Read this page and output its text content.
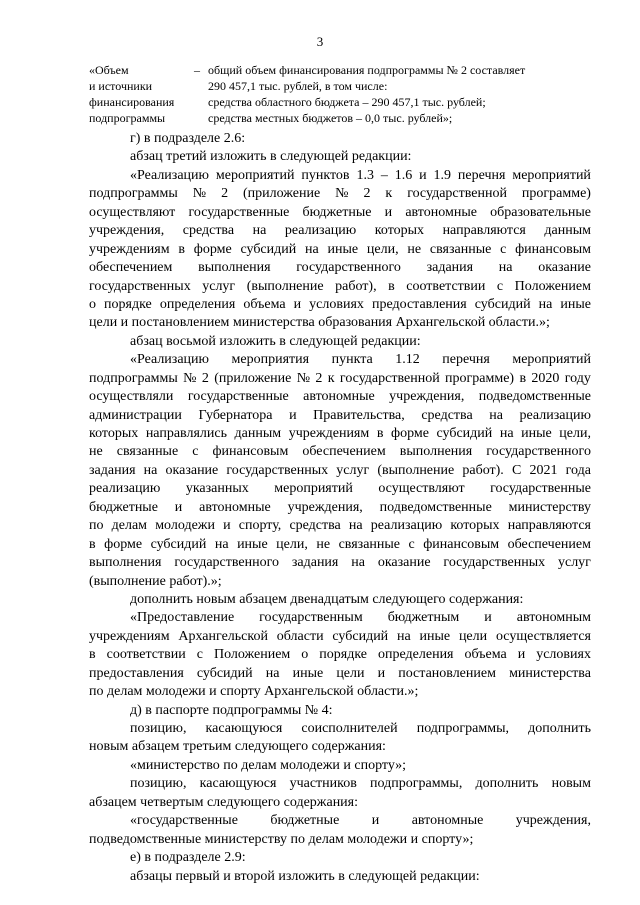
3
«Объем	– общий объем финансирования подпрограммы № 2 составляет
и источники	290 457,1 тыс. рублей, в том числе:
финансирования	средства областного бюджета – 290 457,1 тыс. рублей;
подпрограммы	средства местных бюджетов – 0,0 тыс. рублей»;
г) в подразделе 2.6:
абзац третий изложить в следующей редакции:
«Реализацию мероприятий пунктов 1.3 – 1.6 и 1.9 перечня мероприятий
подпрограммы № 2 (приложение № 2 к государственной программе)
осуществляют государственные бюджетные и автономные образовательные
учреждения, средства на реализацию которых направляются данным
учреждениям в форме субсидий на иные цели, не связанные с финансовым
обеспечением выполнения государственного задания на оказание
государственных услуг (выполнение работ), в соответствии с Положением
о порядке определения объема и условиях предоставления субсидий на иные
цели и постановлением министерства образования Архангельской области.»;
абзац восьмой изложить в следующей редакции:
«Реализацию мероприятия пункта 1.12 перечня мероприятий
подпрограммы № 2 (приложение № 2 к государственной программе) в 2020 году
осуществляли государственные автономные учреждения, подведомственные
администрации Губернатора и Правительства, средства на реализацию
которых направлялись данным учреждениям в форме субсидий на иные цели,
не связанные с финансовым обеспечением выполнения государственного
задания на оказание государственных услуг (выполнение работ). С 2021 года
реализацию указанных мероприятий осуществляют государственные
бюджетные и автономные учреждения, подведомственные министерству
по делам молодежи и спорту, средства на реализацию которых направляются
в форме субсидий на иные цели, не связанные с финансовым обеспечением
выполнения государственного задания на оказание государственных услуг
(выполнение работ).»;
дополнить новым абзацем двенадцатым следующего содержания:
«Предоставление государственным бюджетным и автономным
учреждениям Архангельской области субсидий на иные цели осуществляется
в соответствии с Положением о порядке определения объема и условиях
предоставления субсидий на иные цели и постановлением министерства
по делам молодежи и спорту Архангельской области.»;
д) в паспорте подпрограммы № 4:
позицию, касающуюся соисполнителей подпрограммы, дополнить
новым абзацем третьим следующего содержания:
«министерство по делам молодежи и спорту»;
позицию, касающуюся участников подпрограммы, дополнить новым
абзацем четвертым следующего содержания:
«государственные бюджетные и автономные учреждения,
подведомственные министерству по делам молодежи и спорту»;
е) в подразделе 2.9:
абзацы первый и второй изложить в следующей редакции:
